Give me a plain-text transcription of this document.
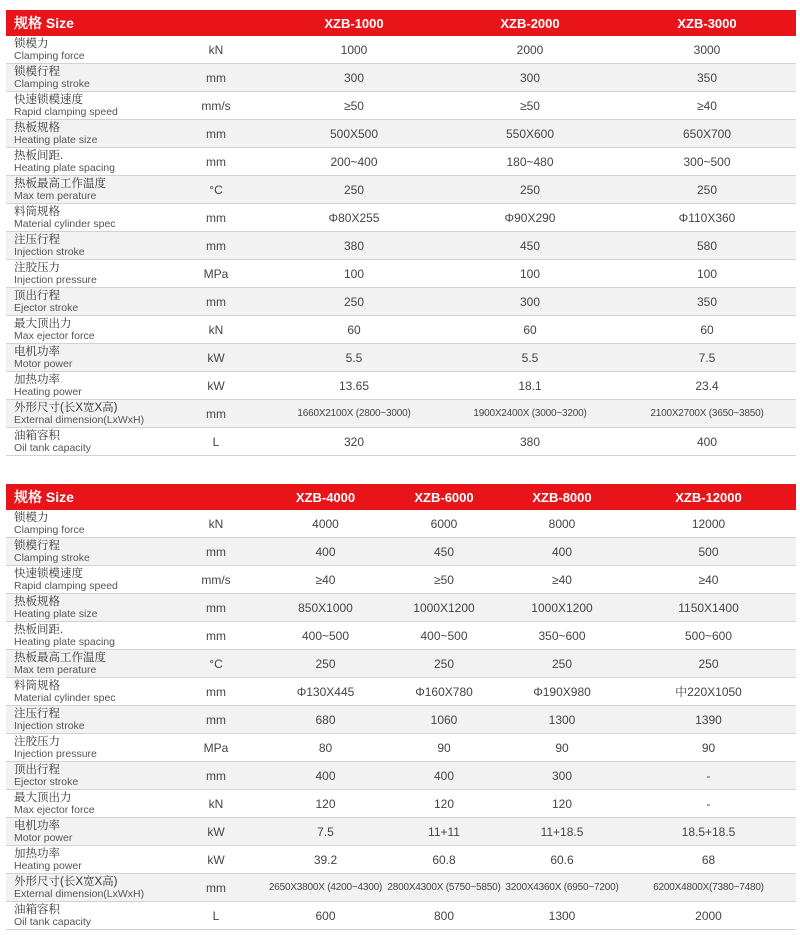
规格 Size		XZB-1000	XZB-2000	XZB-3000

锁模力
Clamping force	kN	1000	2000	3000

锁模行程
Clamping stroke	mm	300	300	350

快速锁模速度
Rapid clamping speed	mm/s	≥50	≥50	≥40

热板规格
Heating plate size	mm	500X500	550X600	650X700

热板间距.
Heating plate spacing	mm	200~400	180~480	300~500

热板最高工作温度
Max tem perature	°C	250	250	250

料筒规格
Material cylinder spec	mm	Φ80X255	Φ90X290	Φ110X360

注压行程
Injection stroke	mm	380	450	580

注胶压力
Injection pressure	MPa	100	100	100

顶出行程
Ejector stroke	mm	250	300	350

最大顶出力
Max ejector force	kN	60	60	60

电机功率
Motor power	kW	5.5	5.5	7.5

加热功率
Heating power	kW	13.65	18.1	23.4

外形尺寸(长X宽X高)
External dimension(LxWxH)	mm	1660X2100X (2800~3000)	1900X2400X (3000~3200)	2100X2700X (3650~3850)

油箱容积
Oil tank capacity	L	320	380	400
规格 Size		XZB-4000	XZB-6000	XZB-8000	XZB-12000

锁模力
Clamping force	kN	4000	6000	8000	12000

锁模行程
Clamping stroke	mm	400	450	400	500

快速锁模速度
Rapid clamping speed	mm/s	≥40	≥50	≥40	≥40

热板规格
Heating plate size	mm	850X1000	1000X1200	1000X1200	1150X1400

热板间距.
Heating plate spacing	mm	400~500	400~500	350~600	500~600

热板最高工作温度
Max tem perature	°C	250	250	250	250

料筒规格
Material cylinder spec	mm	Φ130X445	Φ160X780	Φ190X980	中220X1050

注压行程
Injection stroke	mm	680	1060	1300	1390

注胶压力
Injection pressure	MPa	80	90	90	90

顶出行程
Ejector stroke	mm	400	400	300	-

最大顶出力
Max ejector force	kN	120	120	120	-

电机功率
Motor power	kW	7.5	11+11	11+18.5	18.5+18.5

加热功率
Heating power	kW	39.2	60.8	60.6	68

外形尺寸(长X宽X高)
External dimension(LxWxH)	mm	2650X3800X (4200~4300)	2800X4300X (5750~5850)	3200X4360X (6950~7200)	6200X4800X(7380~7480)

油箱容积
Oil tank capacity	L	600	800	1300	2000
